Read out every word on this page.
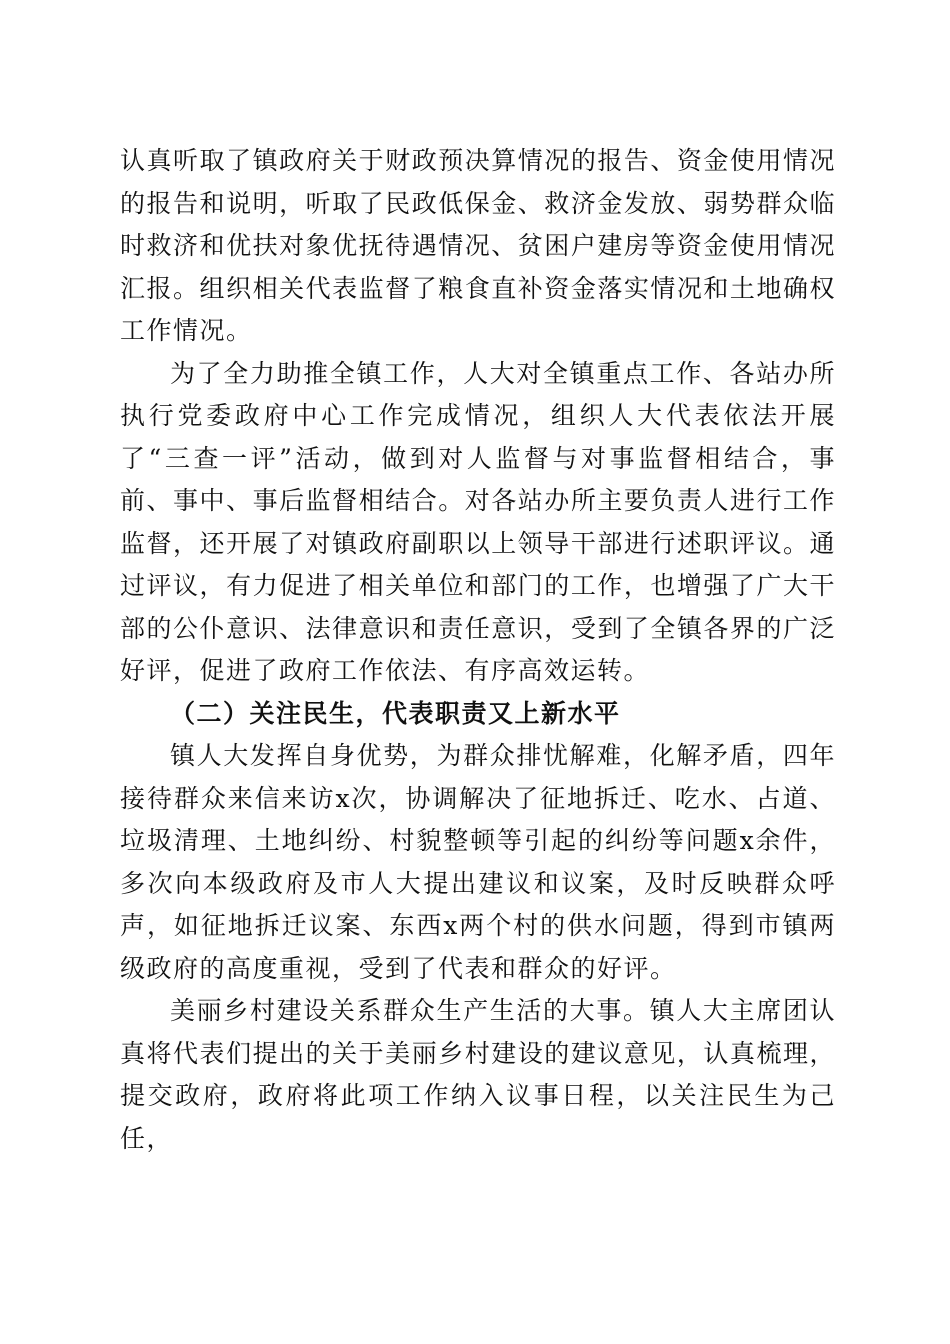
认真听取了镇政府关于财政预决算情况的报告、资金使用情况的报告和说明，听取了民政低保金、救济金发放、弱势群众临时救济和优扶对象优抚待遇情况、贫困户建房等资金使用情况汇报。组织相关代表监督了粮食直补资金落实情况和土地确权工作情况。

为了全力助推全镇工作，人大对全镇重点工作、各站办所执行党委政府中心工作完成情况，组织人大代表依法开展了“三查一评”活动，做到对人监督与对事监督相结合，事前、事中、事后监督相结合。对各站办所主要负责人进行工作监督，还开展了对镇政府副职以上领导干部进行述职评议。通过评议，有力促进了相关单位和部门的工作，也增强了广大干部的公仆意识、法律意识和责任意识，受到了全镇各界的广泛好评，促进了政府工作依法、有序高效运转。

（二）关注民生，代表职责又上新水平

镇人大发挥自身优势，为群众排忧解难，化解矛盾，四年接待群众来信来访x次，协调解决了征地拆迁、吃水、占道、垃圾清理、土地纠纷、村貌整顿等引起的纠纷等问题x余件，多次向本级政府及市人大提出建议和议案，及时反映群众呼声，如征地拆迁议案、东西x两个村的供水问题，得到市镇两级政府的高度重视，受到了代表和群众的好评。

美丽乡村建设关系群众生产生活的大事。镇人大主席团认真将代表们提出的关于美丽乡村建设的建议意见，认真梳理，提交政府，政府将此项工作纳入议事日程，以关注民生为己任，
